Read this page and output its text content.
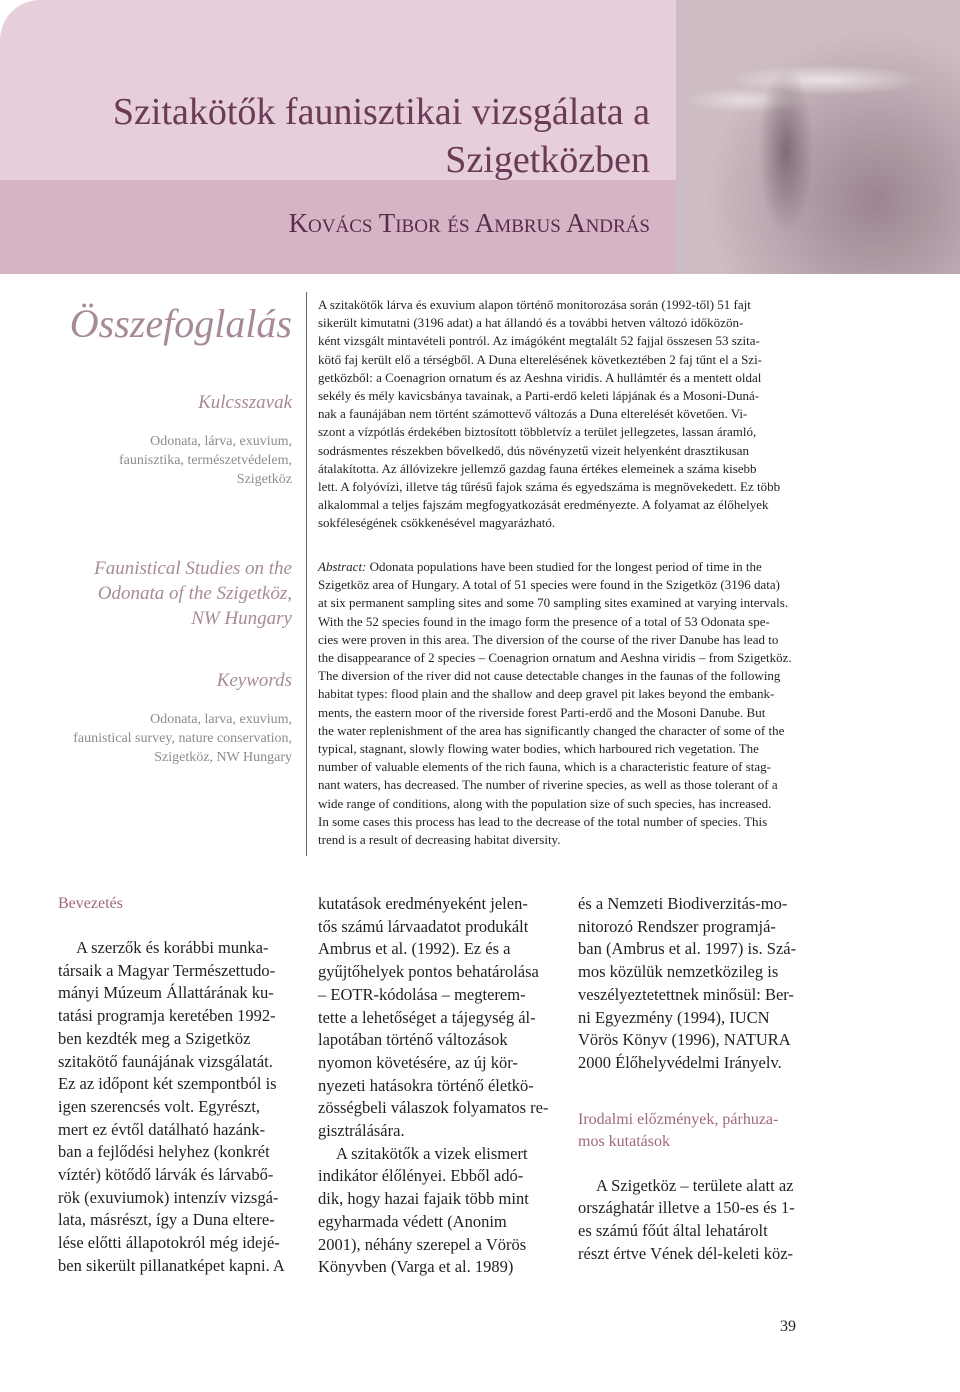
Szitakötők faunisztikai vizsgálata a
Szigetközben
Kovács Tibor és Ambrus András
Összefoglalás
Kulcsszavak
Odonata, lárva, exuvium,
faunisztika, természetvédelem,
Szigetköz
Faunistical Studies on the
Odonata of the Szigetköz,
NW Hungary
Keywords
Odonata, larva, exuvium,
faunistical survey, nature conservation,
Szigetköz, NW Hungary
A szitakötők lárva és exuvium alapon történő monitorozása során (1992-től) 51 fajt
sikerült kimutatni (3196 adat) a hat állandó és a további hetven változó időközön-
ként vizsgált mintavételi pontról. Az imágóként megtalált 52 fajjal összesen 53 szita-
kötő faj került elő a térségből. A Duna elterelésének következtében 2 faj tűnt el a Szi-
getközből: a Coenagrion ornatum és az Aeshna viridis. A hullámtér és a mentett oldal
sekély és mély kavicsbánya tavainak, a Parti-erdő keleti lápjának és a Mosoni-Duná-
nak a faunájában nem történt számottevő változás a Duna elterelését követően. Vi-
szont a vízpótlás érdekében biztosított többletvíz a terület jellegzetes, lassan áramló,
sodrásmentes részekben bővelkedő, dús növényzetű vizeit helyenként drasztikusan
átalakította. Az állóvizekre jellemző gazdag fauna értékes elemeinek a száma kisebb
lett. A folyóvízi, illetve tág tűrésű fajok száma és egyedszáma is megnövekedett. Ez több
alkalommal a teljes fajszám megfogyatkozását eredményezte. A folyamat az élőhelyek
sokféleségének csökkenésével magyarázható.
Abstract: Odonata populations have been studied for the longest period of time in the
Szigetköz area of Hungary. A total of 51 species were found in the Szigetköz (3196 data)
at six permanent sampling sites and some 70 sampling sites examined at varying intervals.
With the 52 species found in the imago form the presence of a total of 53 Odonata spe-
cies were proven in this area. The diversion of the course of the river Danube has lead to
the disappearance of 2 species – Coenagrion ornatum and Aeshna viridis – from Szigetköz.
The diversion of the river did not cause detectable changes in the faunas of the following
habitat types: flood plain and the shallow and deep gravel pit lakes beyond the embank-
ments, the eastern moor of the riverside forest Parti-erdő and the Mosoni Danube. But
the water replenishment of the area has significantly changed the character of some of the
typical, stagnant, slowly flowing water bodies, which harboured rich vegetation. The
number of valuable elements of the rich fauna, which is a characteristic feature of stag-
nant waters, has decreased. The number of riverine species, as well as those tolerant of a
wide range of conditions, along with the population size of such species, has increased.
In some cases this process has lead to the decrease of the total number of species. This
trend is a result of decreasing habitat diversity.

Bevezetés

A szerzők és korábbi munka-

társaik a Magyar Természettudo-

mányi Múzeum Állattárának ku-

tatási programja keretében 1992-

ben kezdték meg a Szigetköz

szitakötő faunájának vizsgálatát.

Ez az időpont két szempontból is

igen szerencsés volt. Egyrészt,

mert ez évtől datálható hazánk-

ban a fejlődési helyhez (konkrét

víztér) kötődő lárvák és lárvabő-

rök (exuviumok) intenzív vizsgá-

lata, másrészt, így a Duna eltere-

lése előtti állapotokról még idejé-

ben sikerült pillanatképet kapni. A

kutatások eredményeként jelen-

tős számú lárvaadatot produkált

Ambrus et al. (1992). Ez és a

gyűjtőhelyek pontos behatárolása

– EOTR-kódolása – megterem-

tette a lehetőséget a tájegység ál-

lapotában történő változások

nyomon követésére, az új kör-

nyezeti hatásokra történő életkö-

zösségbeli válaszok folyamatos re-

gisztrálására.

A szitakötők a vizek elismert

indikátor élőlényei. Ebből adó-

dik, hogy hazai fajaik több mint

egyharmada védett (Anonim

2001), néhány szerepel a Vörös

Könyvben (Varga et al. 1989)

és a Nemzeti Biodiverzitás-mo-

nitorozó Rendszer programjá-

ban (Ambrus et al. 1997) is. Szá-

mos közülük nemzetközileg is

veszélyeztetettnek minősül: Ber-

ni Egyezmény (1994), IUCN

Vörös Könyv (1996), NATURA

2000 Élőhelyvédelmi Irányelv.

Irodalmi előzmények, párhuza-

mos kutatások

A Szigetköz – területe alatt az

országhatár illetve a 150-es és 1-

es számú főút által lehatárolt

részt értve Vének dél-keleti köz-

39
